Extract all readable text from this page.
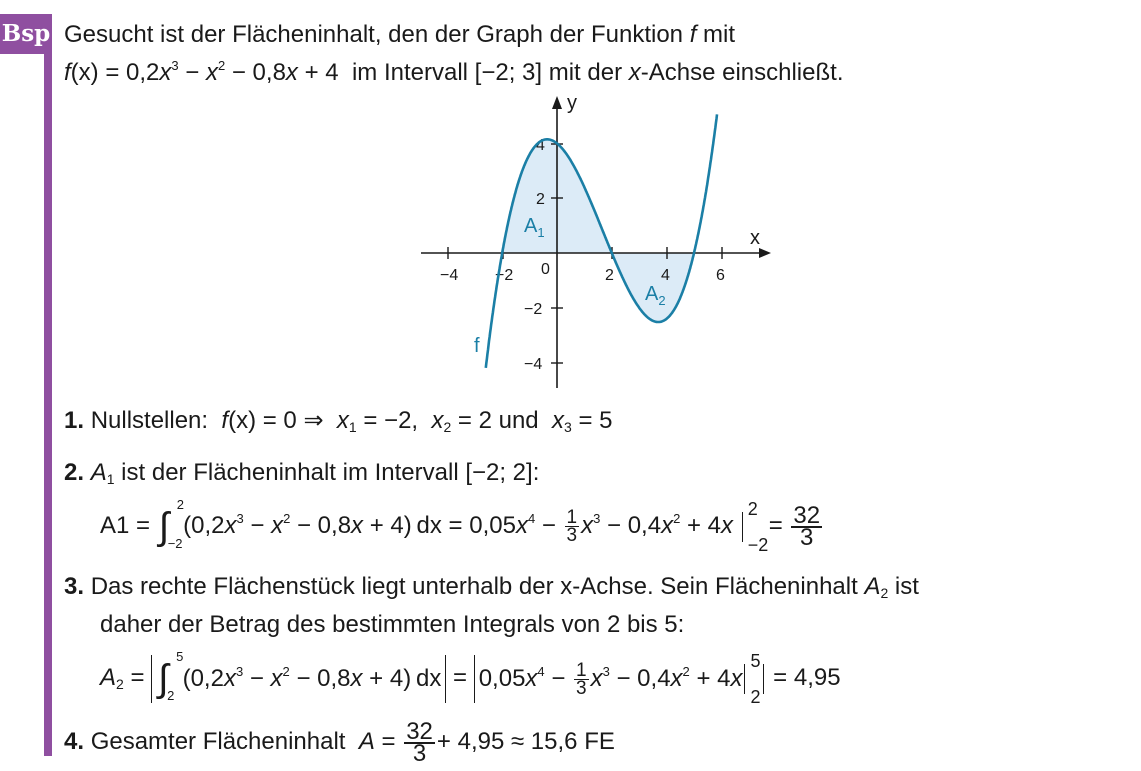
Bsp Gesucht ist der Flächeninhalt, den der Graph der Funktion f mit
$f(x) = 0,2x^3 - x^2 - 0,8x + 4$  im Intervall [−2; 3] mit der x-Achse einschließt.
−4 −2 0	2	4	6
4
2
−2
−4
y
x
f
$A_1$
$A_2$
1. Nullstellen: f(x) = 0 ⇒ $x_1 = -2$, $x_2 = 2$ und $x_3 = 5$
2. $A_1$ ist der Flächeninhalt im Intervall [−2; 2]:
A1 = ∫
2
−2
$(0,2x^3 - x^2 - 0,8x + 4)$ dx = $0,05x^4 - \frac{1}{3} x^3 - 0,4x^2 + 4x$
2
−2
= $\frac{32}{3}$
3. Das rechte Flächenstück liegt unterhalb der x-Achse. Sein Flächeninhalt $A_2$ ist
daher der Betrag des bestimmten Integrals von 2 bis 5:
$A_2$ = ∫
5
2
$(0,2x^3 - x^2 - 0,8x + 4)$ dx = $0,05x^4 - \frac{1}{3} x^3 - 0,4x^2 + 4x$
5
2
= 4,95
4. Gesamter Flächeninhalt $A = \frac{32}{3} + 4,95 \approx 15,6$ FE
